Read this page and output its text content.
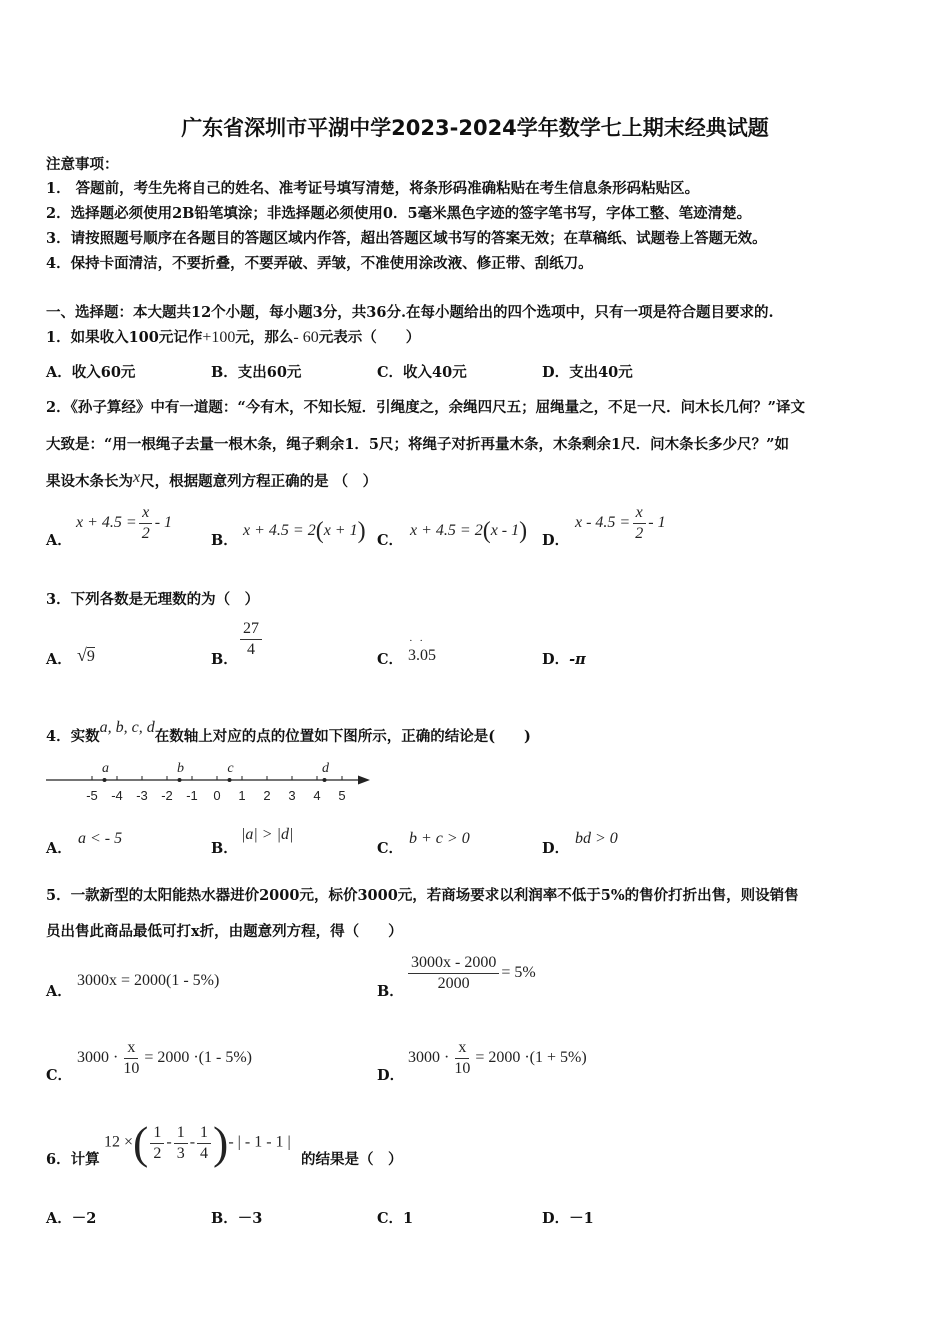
广东省深圳市平湖中学2023-2024学年数学七上期末经典试题
注意事项：
1． 答题前，考生先将自己的姓名、准考证号填写清楚，将条形码准确粘贴在考生信息条形码粘贴区。
2．选择题必须使用2B铅笔填涂；非选择题必须使用0．5毫米黑色字迹的签字笔书写，字体工整、笔迹清楚。
3．请按照题号顺序在各题目的答题区域内作答，超出答题区域书写的答案无效；在草稿纸、试题卷上答题无效。
4．保持卡面清洁，不要折叠，不要弄破、弄皱，不准使用涂改液、修正带、刮纸刀。
一、选择题：本大题共12个小题，每小题3分，共36分.在每小题给出的四个选项中，只有一项是符合题目要求的.
1．如果收入100元记作+100元，那么- 60元表示（　　）
A．收入60元	B．支出60元	C．收入40元	D．支出40元
2．《孙子算经》中有一道题：“今有木，不知长短．引绳度之，余绳四尺五；屈绳量之，不足一尺．问木长几何？”译文
大致是：“用一根绳子去量一根木条，绳子剩余1．5尺；将绳子对折再量木条，木条剩余1尺．问木条长多少尺？”如
果设木条长为x尺，根据题意列方程正确的是 （　）
A．
$x + 4.5 = \frac{x}{2} - 1$
B．
x + 4.5 = 2(x + 1) C．
x + 4.5 = 2(x - 1) D．
$x - 4.5 = \frac{x}{2} - 1$
3．下列各数是无理数的为（　）
A． √9	B． $\frac{27}{4}$	C．
· ·
3.05	D．-π
4．实数a, b, c, d在数轴上对应的点的位置如下图所示，正确的结论是(　　)
-5 -4 -3 -2 -1 0 1 2 3 4 5
a	b	c	d
A．
a < - 5
B．
|a| > |d|
C．
b + c > 0
D．
bd > 0
5．一款新型的太阳能热水器进价2000元，标价3000元，若商场要求以利润率不低于5%的售价打折出售，则设销售
员出售此商品最低可打x折，由题意列方程，得（　　）
A．
3000x = 2000(1 - 5%)
B． $\frac{3000x - 2000}{2000} = 5\%$
C．
$3000 \cdot \frac{x}{10} = 2000 \cdot(1 - 5\%)$
D．
$3000 \cdot \frac{x}{10} = 2000 \cdot(1 + 5\%)$
6．计算
12 ×( $\frac{1}{2} - \frac{1}{3} - \frac{1}{4}$ )- | - 1 - 1 |
的结果是（　）
A．－2	B．－3	C．1	D．－1
